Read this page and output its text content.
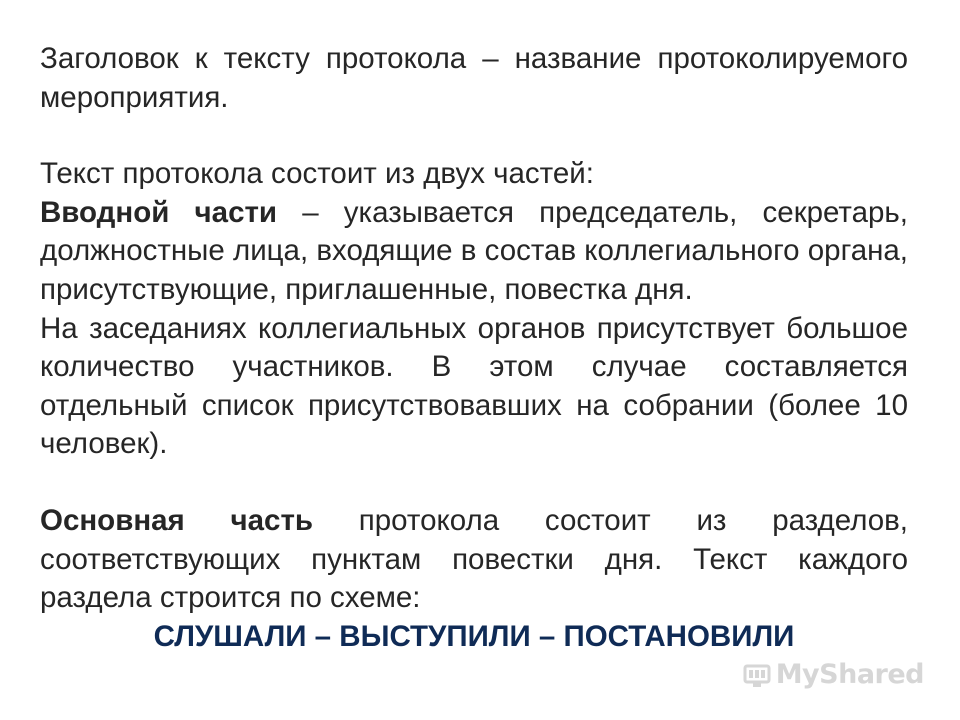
Заголовок к тексту протокола – название протоколируемого мероприятия.

Текст протокола состоит из двух частей:

Вводной части – указывается председатель, секретарь, должностные лица, входящие в состав коллегиального органа, присутствующие, приглашенные, повестка дня.

На заседаниях коллегиальных органов присутствует большое количество участников. В этом случае составляется отдельный список присутствовавших на собрании (более 10 человек).

Основная часть протокола состоит из разделов, соответствующих пунктам повестки дня. Текст каждого раздела строится по схеме:

СЛУШАЛИ – ВЫСТУПИЛИ – ПОСТАНОВИЛИ

MyShared
